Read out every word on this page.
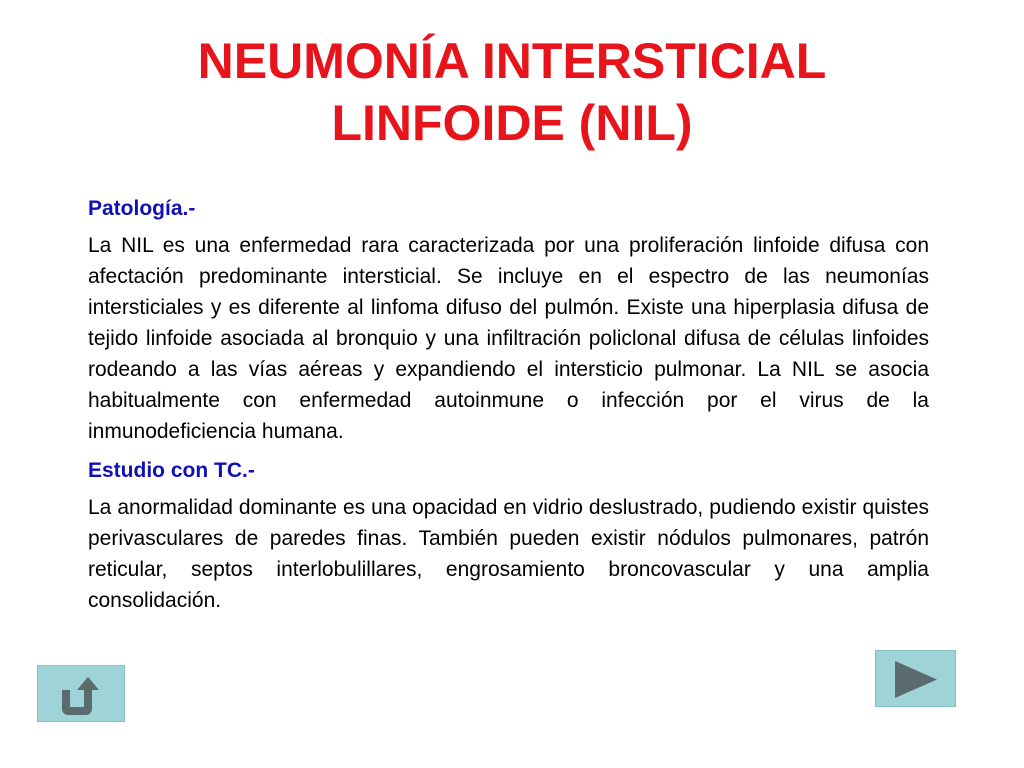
NEUMONÍA INTERSTICIAL
LINFOIDE (NIL)

Patología.-

La NIL es una enfermedad rara caracterizada por una proliferación linfoide difusa con afectación predominante intersticial. Se incluye en el espectro de las neumonías intersticiales y es diferente al linfoma difuso del pulmón. Existe una hiperplasia difusa de tejido linfoide asociada al bronquio y una infiltración policlonal difusa de células linfoides rodeando a las vías aéreas y expandiendo el intersticio pulmonar. La NIL se asocia habitualmente con enfermedad autoinmune o infección por el virus de la inmunodeficiencia humana.

Estudio con TC.-

La anormalidad dominante es una opacidad en vidrio deslustrado, pudiendo existir quistes perivasculares de paredes finas. También pueden existir nódulos pulmonares, patrón reticular, septos interlobulillares, engrosamiento broncovascular y una amplia consolidación.
